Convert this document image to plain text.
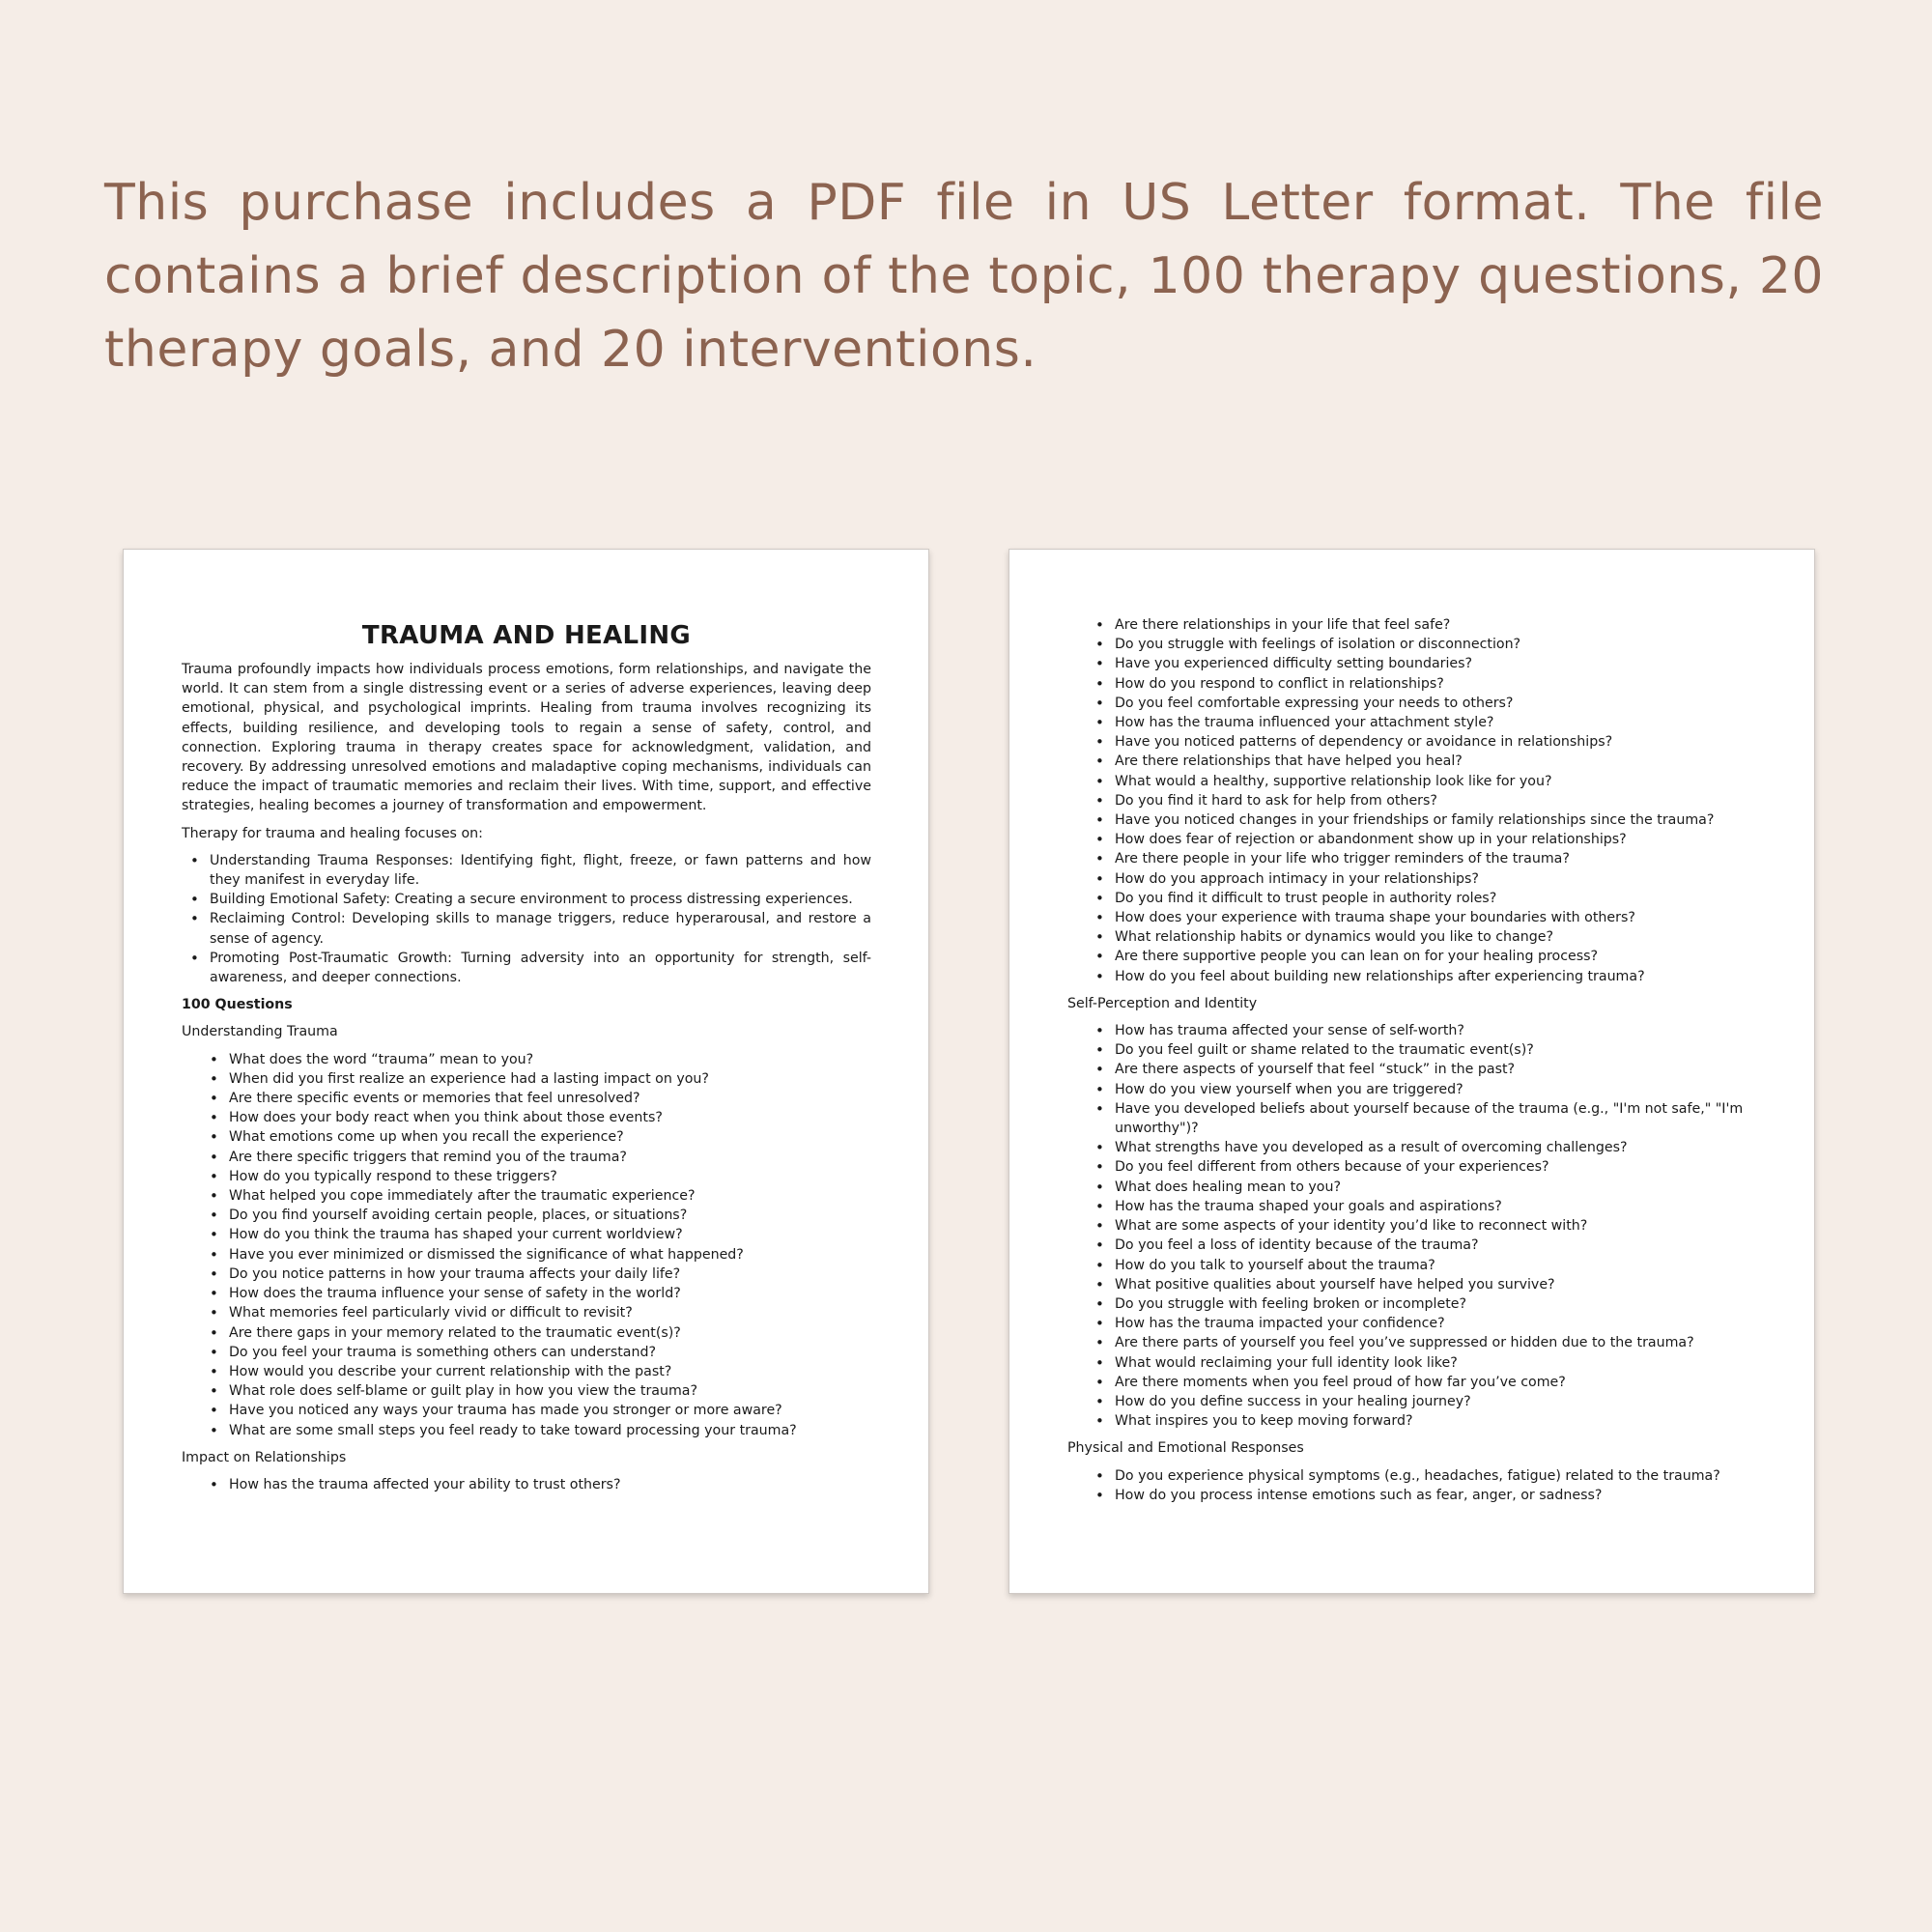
This purchase includes a PDF file in US Letter format. The file contains a brief description of the topic, 100 therapy questions, 20 therapy goals, and 20 interventions.

TRAUMA AND HEALING

Trauma profoundly impacts how individuals process emotions, form relationships, and navigate the world. It can stem from a single distressing event or a series of adverse experiences, leaving deep emotional, physical, and psychological imprints. Healing from trauma involves recognizing its effects, building resilience, and developing tools to regain a sense of safety, control, and connection. Exploring trauma in therapy creates space for acknowledgment, validation, and recovery. By addressing unresolved emotions and maladaptive coping mechanisms, individuals can reduce the impact of traumatic memories and reclaim their lives. With time, support, and effective strategies, healing becomes a journey of transformation and empowerment.

Therapy for trauma and healing focuses on:

• Understanding Trauma Responses: Identifying fight, flight, freeze, or fawn patterns and how they manifest in everyday life.
• Building Emotional Safety: Creating a secure environment to process distressing experiences.
• Reclaiming Control: Developing skills to manage triggers, reduce hyperarousal, and restore a sense of agency.
• Promoting Post-Traumatic Growth: Turning adversity into an opportunity for strength, self-awareness, and deeper connections.

100 Questions

Understanding Trauma

• What does the word “trauma” mean to you?
• When did you first realize an experience had a lasting impact on you?
• Are there specific events or memories that feel unresolved?
• How does your body react when you think about those events?
• What emotions come up when you recall the experience?
• Are there specific triggers that remind you of the trauma?
• How do you typically respond to these triggers?
• What helped you cope immediately after the traumatic experience?
• Do you find yourself avoiding certain people, places, or situations?
• How do you think the trauma has shaped your current worldview?
• Have you ever minimized or dismissed the significance of what happened?
• Do you notice patterns in how your trauma affects your daily life?
• How does the trauma influence your sense of safety in the world?
• What memories feel particularly vivid or difficult to revisit?
• Are there gaps in your memory related to the traumatic event(s)?
• Do you feel your trauma is something others can understand?
• How would you describe your current relationship with the past?
• What role does self-blame or guilt play in how you view the trauma?
• Have you noticed any ways your trauma has made you stronger or more aware?
• What are some small steps you feel ready to take toward processing your trauma?

Impact on Relationships

• How has the trauma affected your ability to trust others?
• Are there relationships in your life that feel safe?
• Do you struggle with feelings of isolation or disconnection?
• Have you experienced difficulty setting boundaries?
• How do you respond to conflict in relationships?
• Do you feel comfortable expressing your needs to others?
• How has the trauma influenced your attachment style?
• Have you noticed patterns of dependency or avoidance in relationships?
• Are there relationships that have helped you heal?
• What would a healthy, supportive relationship look like for you?
• Do you find it hard to ask for help from others?
• Have you noticed changes in your friendships or family relationships since the trauma?
• How does fear of rejection or abandonment show up in your relationships?
• Are there people in your life who trigger reminders of the trauma?
• How do you approach intimacy in your relationships?
• Do you find it difficult to trust people in authority roles?
• How does your experience with trauma shape your boundaries with others?
• What relationship habits or dynamics would you like to change?
• Are there supportive people you can lean on for your healing process?
• How do you feel about building new relationships after experiencing trauma?

Self-Perception and Identity

• How has trauma affected your sense of self-worth?
• Do you feel guilt or shame related to the traumatic event(s)?
• Are there aspects of yourself that feel “stuck” in the past?
• How do you view yourself when you are triggered?
• Have you developed beliefs about yourself because of the trauma (e.g., "I'm not safe," "I'm unworthy")?
• What strengths have you developed as a result of overcoming challenges?
• Do you feel different from others because of your experiences?
• What does healing mean to you?
• How has the trauma shaped your goals and aspirations?
• What are some aspects of your identity you’d like to reconnect with?
• Do you feel a loss of identity because of the trauma?
• How do you talk to yourself about the trauma?
• What positive qualities about yourself have helped you survive?
• Do you struggle with feeling broken or incomplete?
• How has the trauma impacted your confidence?
• Are there parts of yourself you feel you’ve suppressed or hidden due to the trauma?
• What would reclaiming your full identity look like?
• Are there moments when you feel proud of how far you’ve come?
• How do you define success in your healing journey?
• What inspires you to keep moving forward?

Physical and Emotional Responses

• Do you experience physical symptoms (e.g., headaches, fatigue) related to the trauma?
• How do you process intense emotions such as fear, anger, or sadness?
